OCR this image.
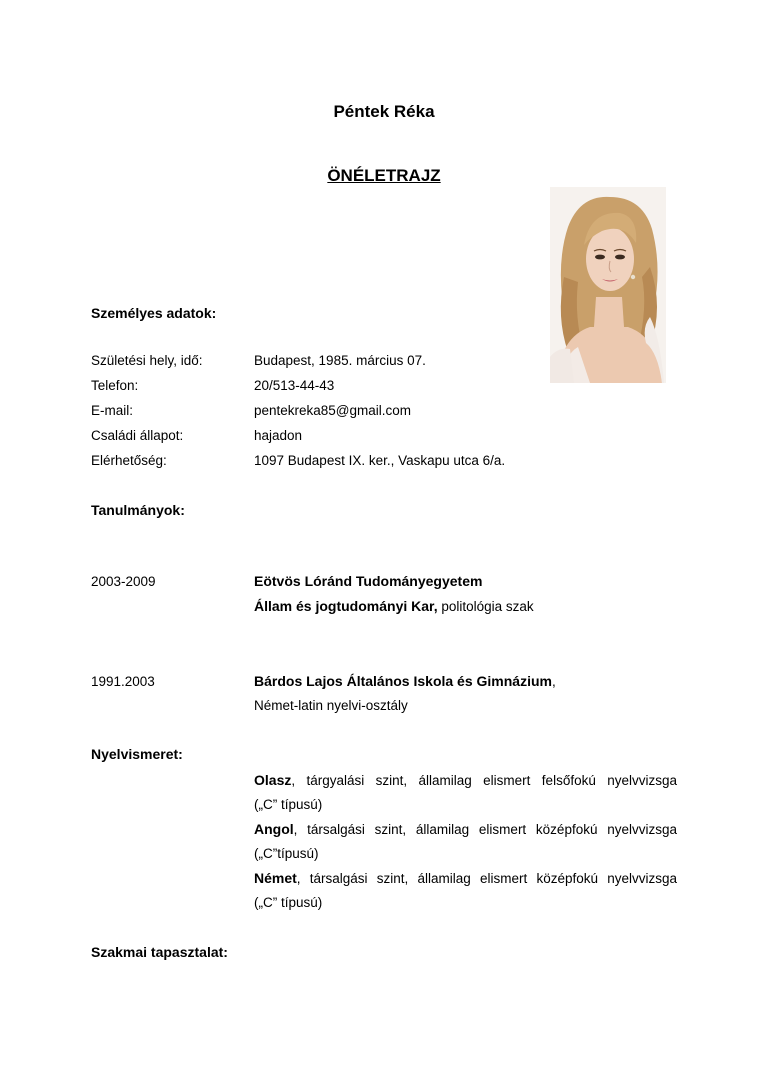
Péntek Réka
ÖNÉLETRAJZ
Személyes adatok:
Születési hely, idő:	Budapest, 1985. március 07.
Telefon:	20/513-44-43
E-mail:	pentekreka85@gmail.com
Családi állapot:	hajadon
Elérhetőség:	1097 Budapest IX. ker., Vaskapu utca 6/a.
Tanulmányok:
2003-2009	Eötvös Lóránd Tudományegyetem
Állam és jogtudományi Kar, politológia szak
1991.2003	Bárdos Lajos Általános Iskola és Gimnázium,
Német-latin nyelvi-osztály
Nyelvismeret:
Olasz, tárgyalási szint, államilag elismert felsőfokú nyelvvizsga
(„C” típusú)
Angol, társalgási szint, államilag elismert középfokú nyelvvizsga
(„C”típusú)
Német, társalgási szint, államilag elismert középfokú nyelvvizsga
(„C” típusú)
Szakmai tapasztalat:
